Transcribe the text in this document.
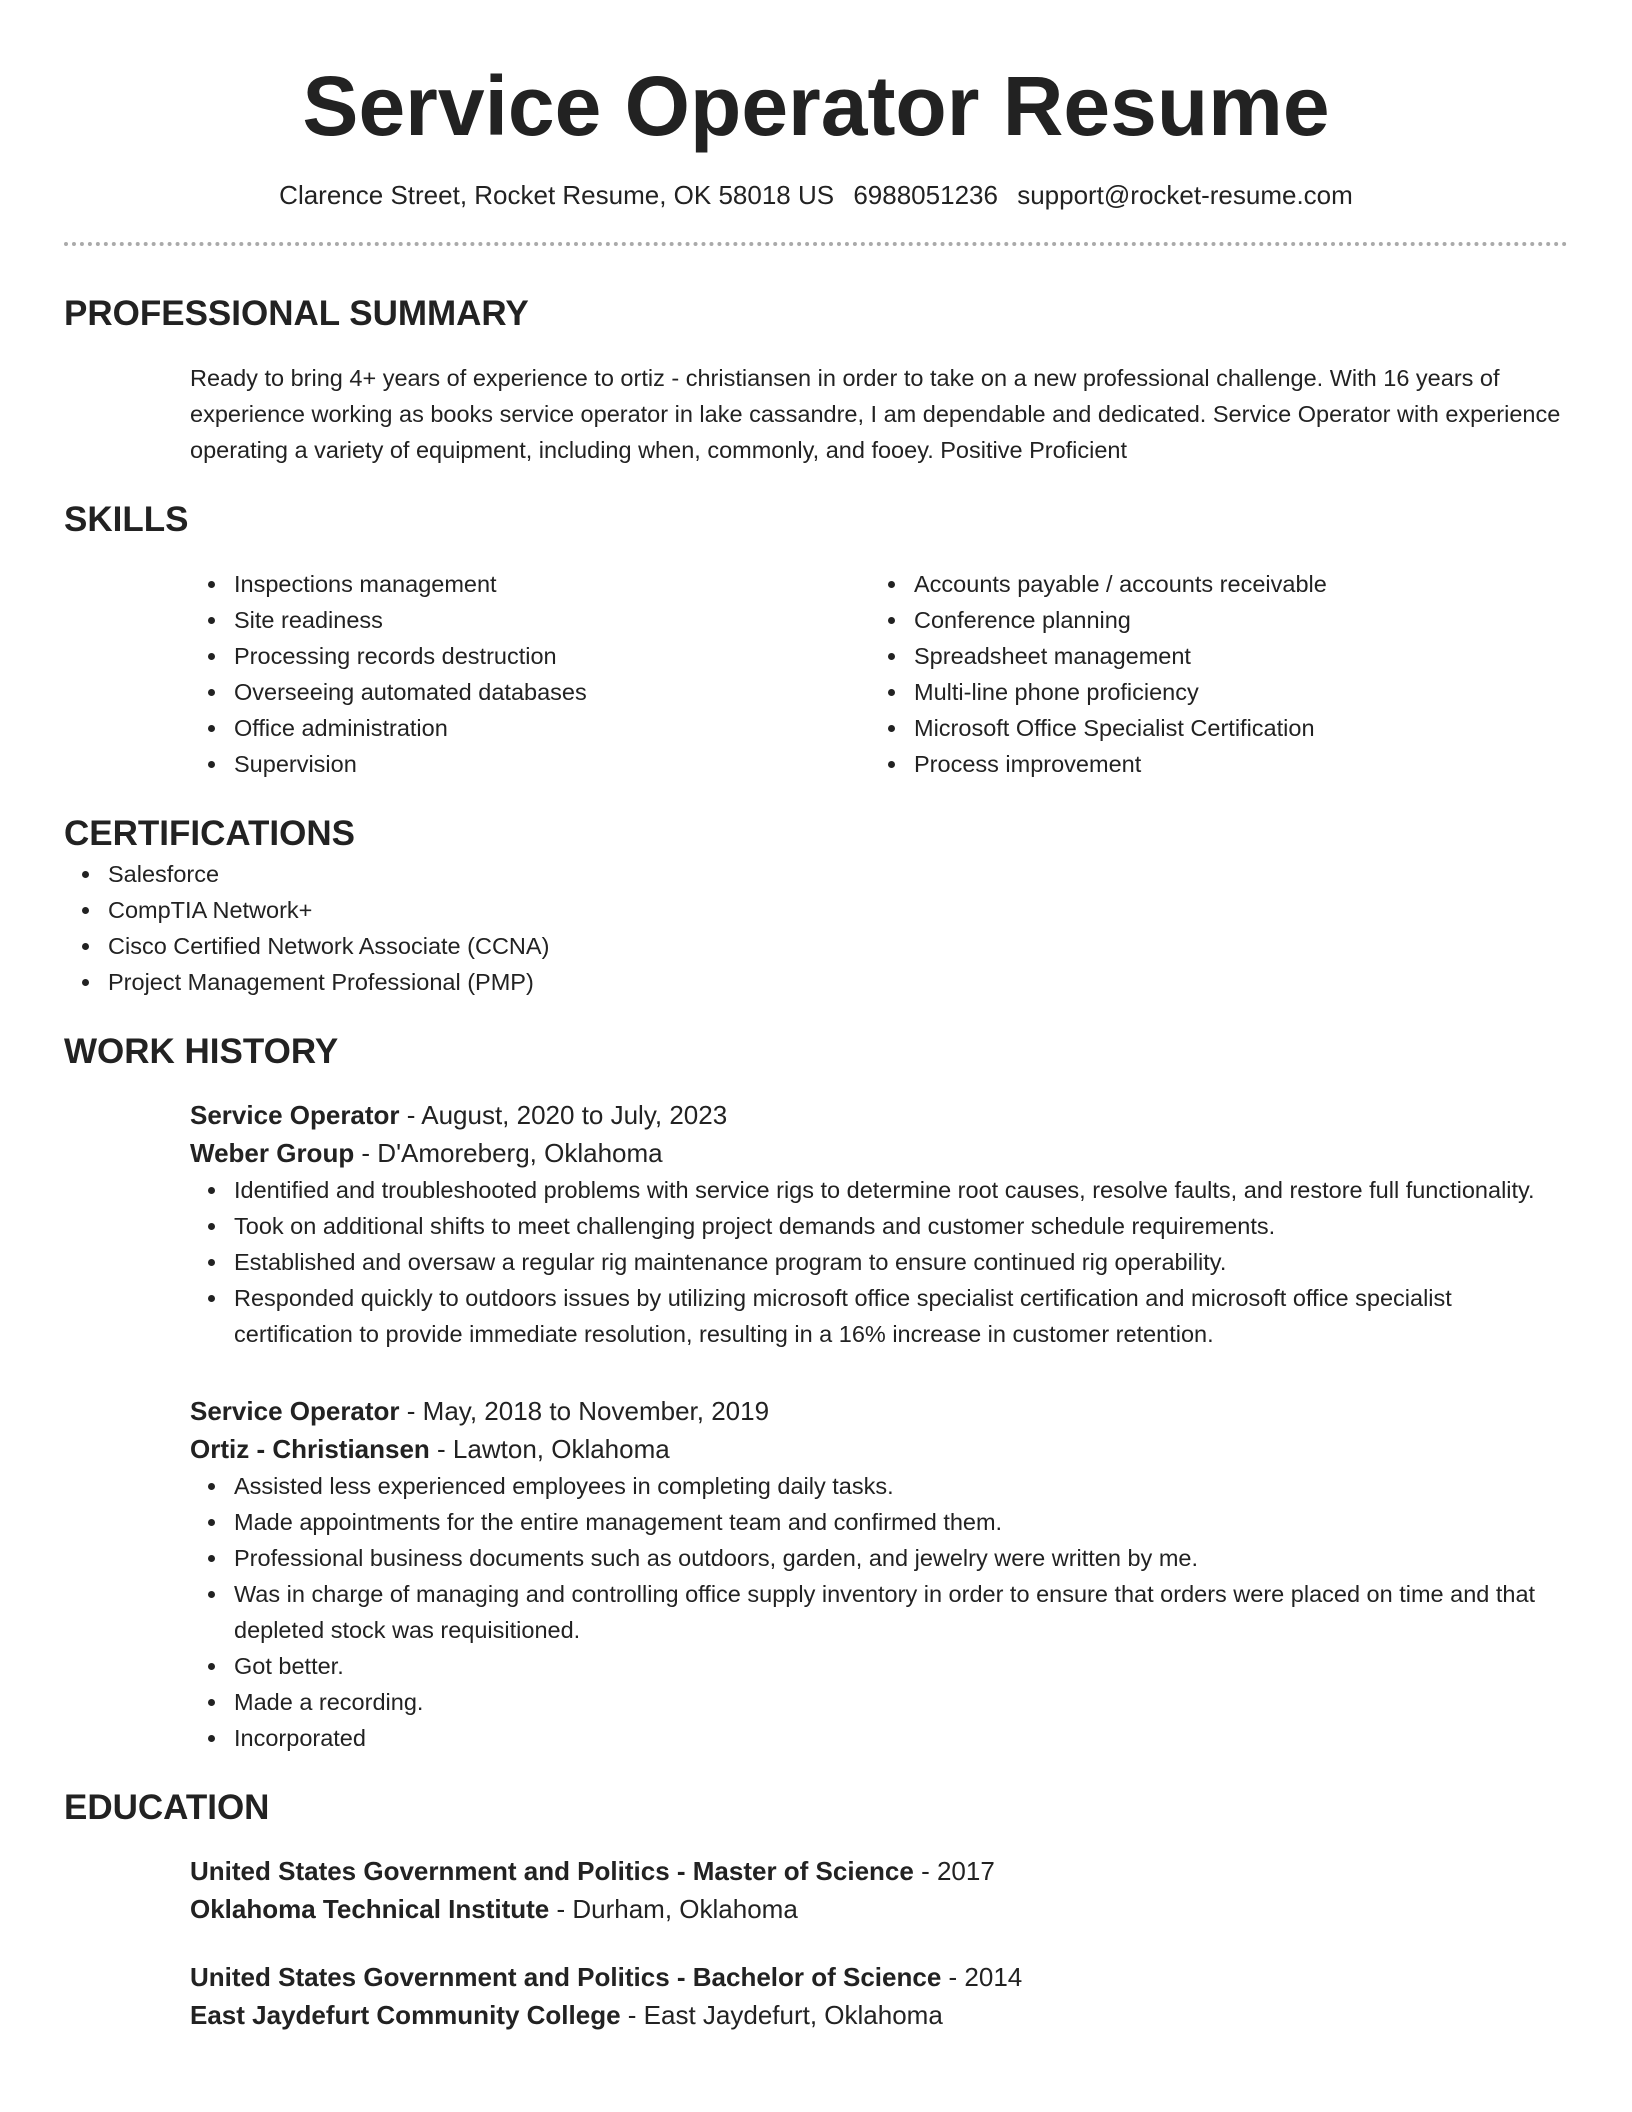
Service Operator Resume
Clarence Street, Rocket Resume, OK 58018 US 6988051236 support@rocket-resume.com
PROFESSIONAL SUMMARY

Ready to bring 4+ years of experience to ortiz - christiansen in order to take on a new professional challenge. With 16 years of experience working as books service operator in lake cassandre, I am dependable and dedicated. Service Operator with experience operating a variety of equipment, including when, commonly, and fooey. Positive Proficient

SKILLS
Inspections management
Site readiness
Processing records destruction
Overseeing automated databases
Office administration
Supervision
Accounts payable / accounts receivable
Conference planning
Spreadsheet management
Multi-line phone proficiency
Microsoft Office Specialist Certification
Process improvement
CERTIFICATIONS
Salesforce
CompTIA Network+
Cisco Certified Network Associate (CCNA)
Project Management Professional (PMP)
WORK HISTORY
Service Operator - August, 2020 to July, 2023
Weber Group - D'Amoreberg, Oklahoma
Identified and troubleshooted problems with service rigs to determine root causes, resolve faults, and restore full functionality.
Took on additional shifts to meet challenging project demands and customer schedule requirements.
Established and oversaw a regular rig maintenance program to ensure continued rig operability.
Responded quickly to outdoors issues by utilizing microsoft office specialist certification and microsoft office specialist certification to provide immediate resolution, resulting in a 16% increase in customer retention.
Service Operator - May, 2018 to November, 2019
Ortiz - Christiansen - Lawton, Oklahoma
Assisted less experienced employees in completing daily tasks.
Made appointments for the entire management team and confirmed them.
Professional business documents such as outdoors, garden, and jewelry were written by me.
Was in charge of managing and controlling office supply inventory in order to ensure that orders were placed on time and that depleted stock was requisitioned.
Got better.
Made a recording.
Incorporated
EDUCATION
United States Government and Politics - Master of Science - 2017
Oklahoma Technical Institute - Durham, Oklahoma
United States Government and Politics - Bachelor of Science - 2014
East Jaydefurt Community College - East Jaydefurt, Oklahoma
